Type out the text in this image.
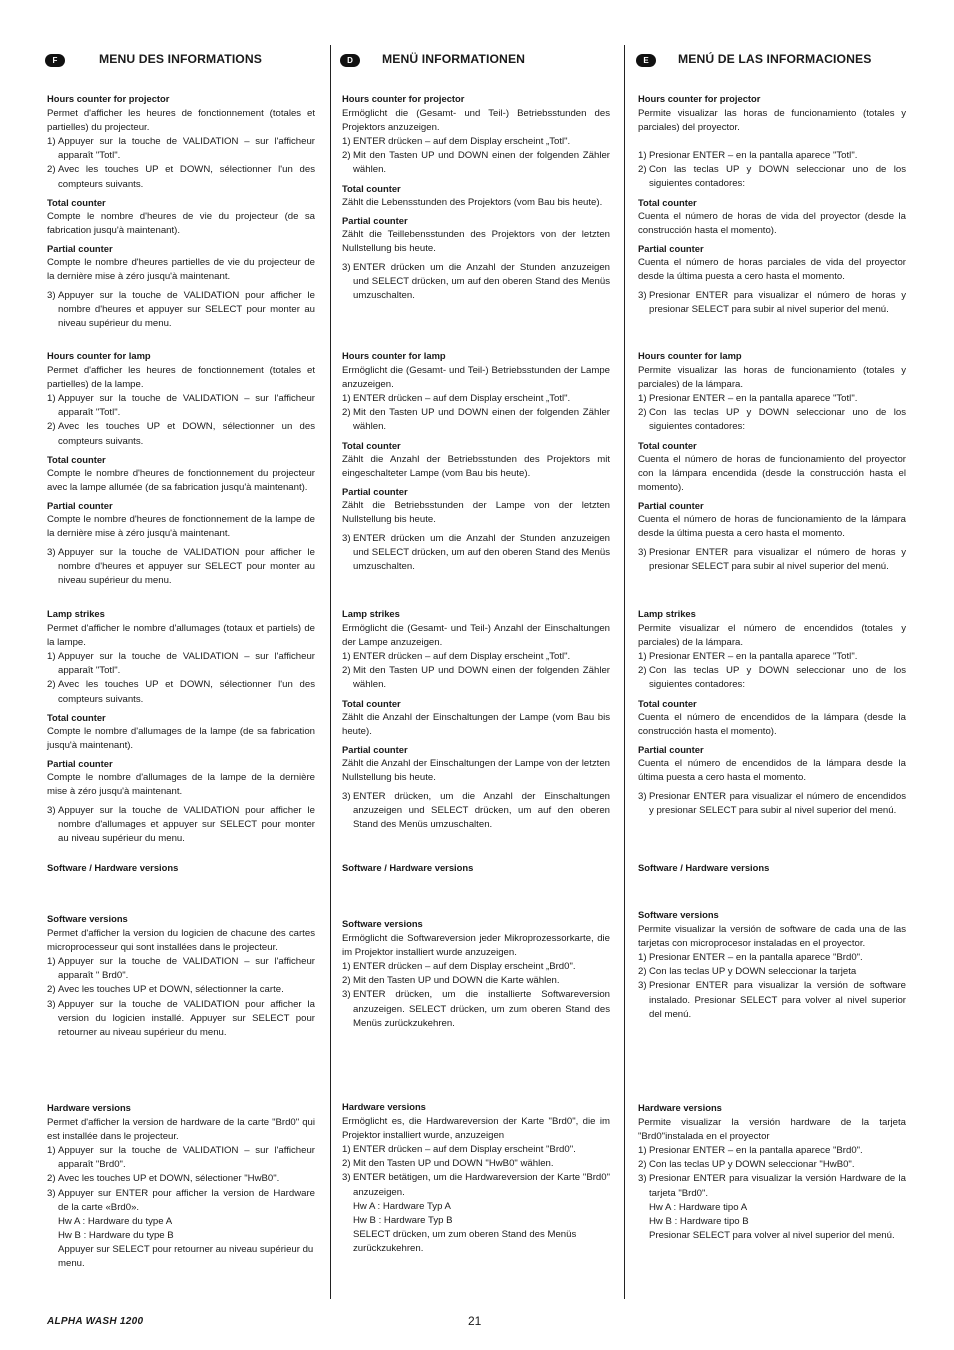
F	MENU DES INFORMATIONS
Hours counter for projector
Permet d'afficher les heures de fonctionnement (totales et partielles) du projecteur.
1) Appuyer sur la touche de VALIDATION – sur l'afficheur apparaît "Totl".
2) Avec les touches UP et DOWN, sélectionner l'un des compteurs suivants.
Total counter
Compte le nombre d'heures de vie du projecteur (de sa fabrication jusqu'à maintenant).
Partial counter
Compte le nombre d'heures partielles de vie du projecteur de la dernière mise à zéro jusqu'à maintenant.
3) Appuyer sur la touche de VALIDATION pour afficher le nombre d'heures et appuyer sur SELECT pour monter au niveau supérieur du menu.
Hours counter for lamp
Permet d'afficher les heures de fonctionnement (totales et partielles) de la lampe.
1) Appuyer sur la touche de VALIDATION – sur l'afficheur apparaît "Totl".
2) Avec les touches UP et DOWN, sélectionner un des compteurs suivants.
Total counter
Compte le nombre d'heures de fonctionnement du projecteur avec la lampe allumée (de sa fabrication jusqu'à maintenant).
Partial counter
Compte le nombre d'heures de fonctionnement de la lampe de la dernière mise à zéro jusqu'à maintenant.
3) Appuyer sur la touche de VALIDATION pour afficher le nombre d'heures et appuyer sur SELECT pour monter au niveau supérieur du menu.
Lamp strikes
Permet d'afficher le nombre d'allumages (totaux et partiels) de la lampe.
1) Appuyer sur la touche de VALIDATION – sur l'afficheur apparaît "Totl".
2) Avec les touches UP et DOWN, sélectionner l'un des compteurs suivants.
Total counter
Compte le nombre d'allumages de la lampe (de sa fabrication jusqu'à maintenant).
Partial counter
Compte le nombre d'allumages de la lampe de la dernière mise à zéro jusqu'à maintenant.
3) Appuyer sur la touche de VALIDATION pour afficher le nombre d'allumages et appuyer sur SELECT pour monter au niveau supérieur du menu.
Software / Hardware versions
Software versions
Permet d'afficher la version du logicien de chacune des cartes microprocesseur qui sont installées dans le projecteur.
1) Appuyer sur la touche de VALIDATION – sur l'afficheur apparaît " Brd0".
2) Avec les touches UP et DOWN, sélectionner la carte.
3) Appuyer sur la touche de VALIDATION pour afficher la version du logicien installé. Appuyer sur SELECT pour retourner au niveau supérieur du menu.
Hardware versions
Permet d'afficher la version de hardware de la carte "Brd0" qui est installée dans le projecteur.
1) Appuyer sur la touche de VALIDATION – sur l'afficheur apparaît "Brd0".
2) Avec les touches UP et DOWN, sélectioner "HwB0".
3) Appuyer sur ENTER pour afficher la version de Hardware de la carte «Brd0».
Hw A : Hardware du type A
Hw B : Hardware du type B
Appuyer sur SELECT pour retourner au niveau supérieur du menu.
D	MENÜ INFORMATIONEN
Hours counter for projector
Ermöglicht die (Gesamt- und Teil-) Betriebsstunden des Projektors anzuzeigen.
1) ENTER drücken – auf dem Display erscheint „Totl".
2) Mit den Tasten UP und DOWN einen der folgenden Zähler wählen.
Total counter
Zählt die Lebensstunden des Projektors (vom Bau bis heute).
Partial counter
Zählt die Teillebensstunden des Projektors von der letzten Nullstellung bis heute.
3) ENTER drücken um die Anzahl der Stunden anzuzeigen und SELECT drücken, um auf den oberen Stand des Menüs umzuschalten.
Hours counter for lamp
Ermöglicht die (Gesamt- und Teil-) Betriebsstunden der Lampe anzuzeigen.
1) ENTER drücken – auf dem Display erscheint „Totl".
2) Mit den Tasten UP und DOWN einen der folgenden Zähler wählen.
Total counter
Zählt die Anzahl der Betriebsstunden des Projektors mit eingeschalteter Lampe (vom Bau bis heute).
Partial counter
Zählt die Betriebsstunden der Lampe von der letzten Nullstellung bis heute.
3) ENTER drücken um die Anzahl der Stunden anzuzeigen und SELECT drücken, um auf den oberen Stand des Menüs umzuschalten.
Lamp strikes
Ermöglicht die (Gesamt- und Teil-) Anzahl der Einschaltungen der Lampe anzuzeigen.
1) ENTER drücken – auf dem Display erscheint „Totl".
2) Mit den Tasten UP und DOWN einen der folgenden Zähler wählen.
Total counter
Zählt die Anzahl der Einschaltungen der Lampe (vom Bau bis heute).
Partial counter
Zählt die Anzahl der Einschaltungen der Lampe von der letzten Nullstellung bis heute.
3) ENTER drücken, um die Anzahl der Einschaltungen anzuzeigen und SELECT drücken, um auf den oberen Stand des Menüs umzuschalten.
Software / Hardware versions
Software versions
Ermöglicht die Softwareversion jeder Mikroprozessorkarte, die im Projektor installiert wurde anzuzeigen.
1) ENTER drücken – auf dem Display erscheint „Brd0".
2) Mit den Tasten UP und DOWN die Karte wählen.
3) ENTER drücken, um die installierte Softwareversion anzuzeigen. SELECT drücken, um zum oberen Stand des Menüs zurückzukehren.
Hardware versions
Ermöglicht es, die Hardwareversion der Karte "Brd0", die im Projektor installiert wurde, anzuzeigen
1) ENTER drücken – auf dem Display erscheint "Brd0".
2) Mit den Tasten UP und DOWN "HwB0" wählen.
3) ENTER betätigen, um die Hardwareversion der Karte "Brd0" anzuzeigen.
Hw A : Hardware Typ A
Hw B : Hardware Typ B
SELECT drücken, um zum oberen Stand des Menüs zurückzukehren.
E	MENÚ DE LAS INFORMACIONES
Hours counter for projector
Permite visualizar las horas de funcionamiento (totales y parciales) del proyector.
1) Presionar ENTER – en la pantalla aparece "Totl".
2) Con las teclas UP y DOWN seleccionar uno de los siguientes contadores:
Total counter
Cuenta el número de horas de vida del proyector (desde la construcción hasta el momento).
Partial counter
Cuenta el número de horas parciales de vida del proyector desde la última puesta a cero hasta el momento.
3) Presionar ENTER para visualizar el número de horas y presionar SELECT para subir al nivel superior del menú.
Hours counter for lamp
Permite visualizar las horas de funcionamiento (totales y parciales) de la lámpara.
1) Presionar ENTER – en la pantalla aparece "Totl".
2) Con las teclas UP y DOWN seleccionar uno de los siguientes contadores:
Total counter
Cuenta el número de horas de funcionamiento del proyector con la lámpara encendida (desde la construcción hasta el momento).
Partial counter
Cuenta el número de horas de funcionamiento de la lámpara desde la última puesta a cero hasta el momento.
3) Presionar ENTER para visualizar el número de horas y presionar SELECT para subir al nivel superior del menú.
Lamp strikes
Permite visualizar el número de encendidos (totales y parciales) de la lámpara.
1) Presionar ENTER – en la pantalla aparece "Totl".
2) Con las teclas UP y DOWN seleccionar uno de los siguientes contadores:
Total counter
Cuenta el número de encendidos de la lámpara (desde la construcción hasta el momento).
Partial counter
Cuenta el número de encendidos de la lámpara desde la última puesta a cero hasta el momento.
3) Presionar ENTER para visualizar el número de encendidos y presionar SELECT para subir al nivel superior del menú.
Software / Hardware versions
Software versions
Permite visualizar la versión de software de cada una de las tarjetas con microprocesor instaladas en el proyector.
1) Presionar ENTER – en la pantalla aparece "Brd0".
2) Con las teclas UP y DOWN seleccionar la tarjeta
3) Presionar ENTER para visualizar la versión de software instalado. Presionar SELECT para volver al nivel superior del menú.
Hardware versions
Permite visualizar la versión hardware de la tarjeta "Brd0"instalada en el proyector
1) Presionar ENTER – en la pantalla aparece "Brd0".
2) Con las teclas UP y DOWN seleccionar "HwB0".
3) Presionar ENTER para visualizar la versión Hardware de la tarjeta "Brd0".
Hw A : Hardware tipo A
Hw B : Hardware tipo B
Presionar SELECT para volver al nivel superior del menú.
ALPHA WASH 1200	21
